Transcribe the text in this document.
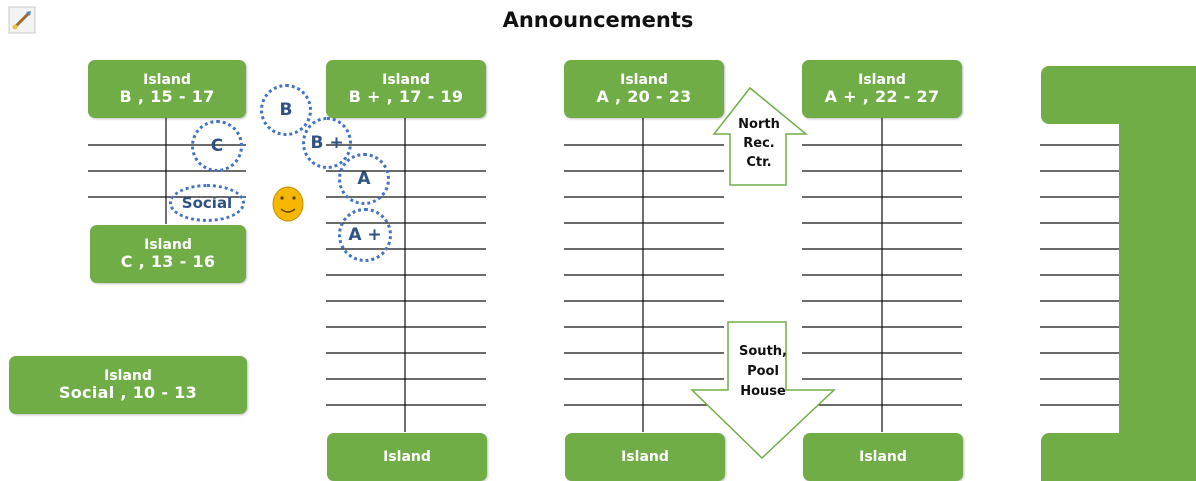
Announcements
Island
B , 15 - 17
Island
B + , 17 - 19
Island
A , 20 - 23
Island
A + , 22 - 27
Island
C , 13 - 16
Island
Social , 10 - 13
Island	Island	Island
B
C	B +
A
Social
A +
North
Rec.
Ctr.
South,
Pool
House
